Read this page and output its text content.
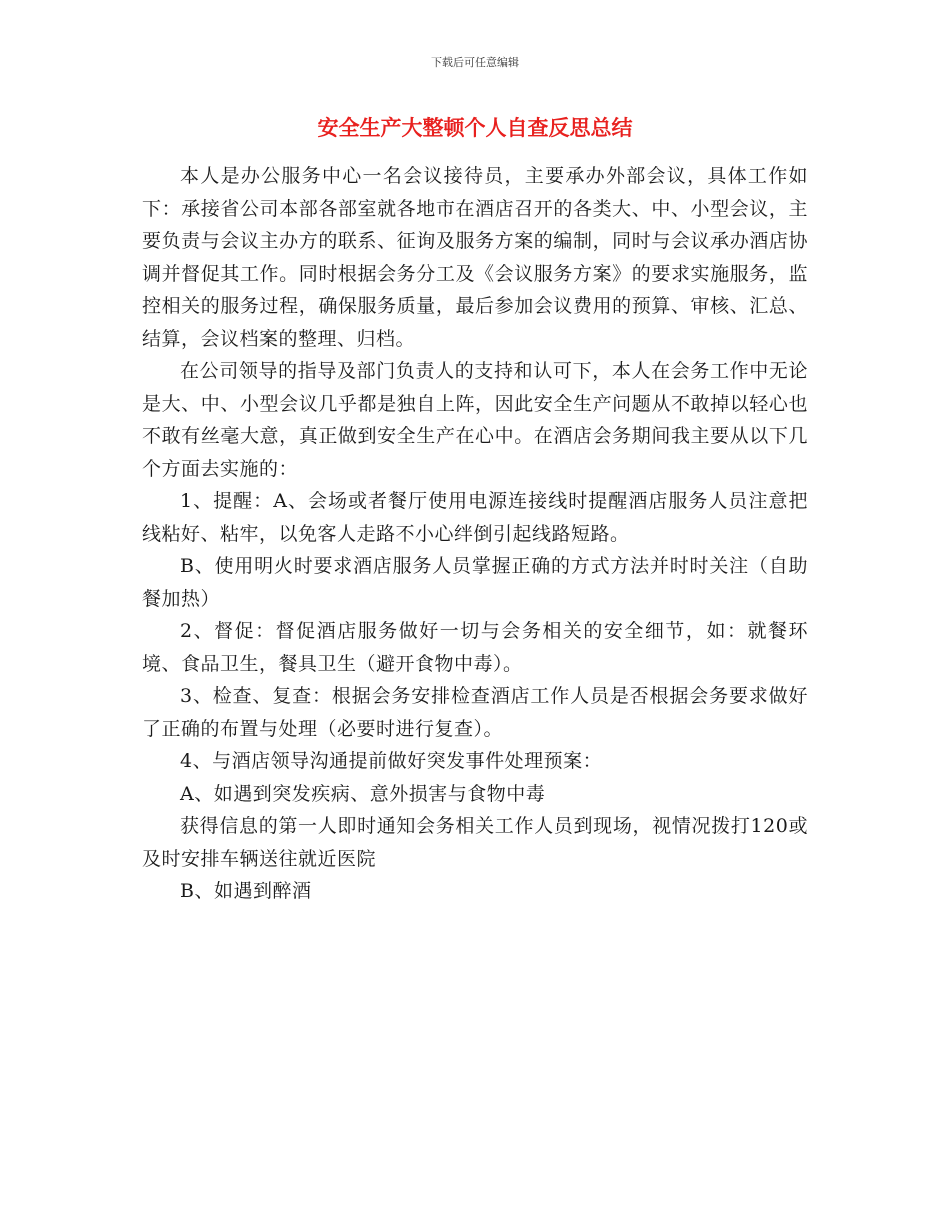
下载后可任意编辑
安全生产大整顿个人自查反思总结

本人是办公服务中心一名会议接待员，主要承办外部会议，具体工作如下：承接省公司本部各部室就各地市在酒店召开的各类大、中、小型会议，主要负责与会议主办方的联系、征询及服务方案的编制，同时与会议承办酒店协调并督促其工作。同时根据会务分工及《会议服务方案》的要求实施服务，监控相关的服务过程，确保服务质量，最后参加会议费用的预算、审核、汇总、结算，会议档案的整理、归档。

在公司领导的指导及部门负责人的支持和认可下，本人在会务工作中无论是大、中、小型会议几乎都是独自上阵，因此安全生产问题从不敢掉以轻心也不敢有丝毫大意，真正做到安全生产在心中。在酒店会务期间我主要从以下几个方面去实施的：

1、提醒：A、会场或者餐厅使用电源连接线时提醒酒店服务人员注意把线粘好、粘牢，以免客人走路不小心绊倒引起线路短路。

B、使用明火时要求酒店服务人员掌握正确的方式方法并时时关注（自助餐加热）

2、督促：督促酒店服务做好一切与会务相关的安全细节，如：就餐环境、食品卫生，餐具卫生（避开食物中毒）。

3、检查、复查：根据会务安排检查酒店工作人员是否根据会务要求做好了正确的布置与处理（必要时进行复查）。

4、与酒店领导沟通提前做好突发事件处理预案：

A、如遇到突发疾病、意外损害与食物中毒

获得信息的第一人即时通知会务相关工作人员到现场，视情况拨打120或及时安排车辆送往就近医院

B、如遇到醉酒
